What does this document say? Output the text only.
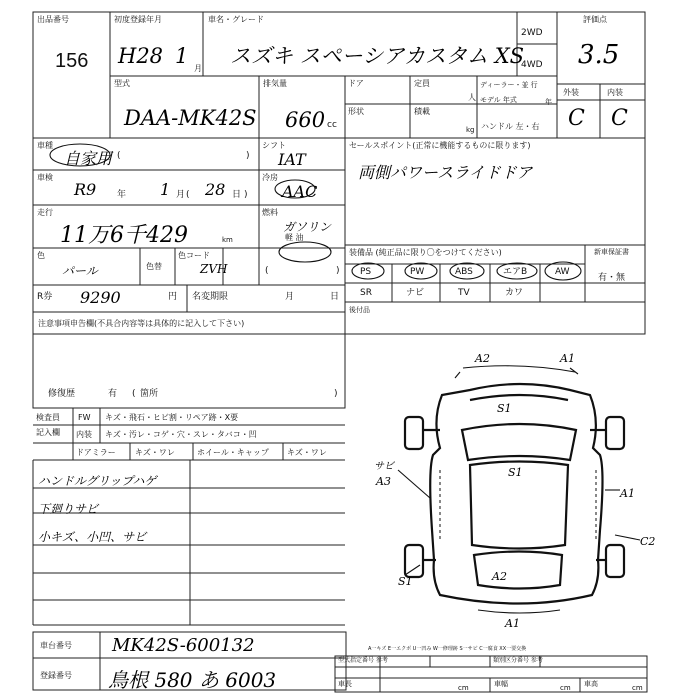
出品番号
156
初度登録年月
H28 1
月
車名・グレード
スズキ スペーシアカスタム XS
2WD
4WD
評価点
3.5
外装	内装
C C
型式
DAA-MK42S
排気量
660 cc
ドア	定員
人
ディーラー・並 行
モデル 年式	年
形状	積載
kg ハンドル 左・右
車種
自家用 (	)
シフト
IAT
車検
R9 年 1 月 ( 28 日 )
冷房
AAC
走行
11万6千429	km
燃料
ガソリン
軽 油
色
パール	色替
色コード
ZVH	(	)
R券 9290	円 名変期限	月	日
セールスポイント(正常に機能するものに限ります)
両側パワースライドドア
装備品 (純正品に限り〇をつけてください)	新車保証書
有・無
PS	PW	ABS	エアB	AW
SR	ナビ	TV	カワ
後付品
注意事項申告欄(不具合内容等は具体的に記入して下さい)
修復歴	有 ( 箇所	)
検査員
記入欄
FW キズ・飛石・ヒビ割・リペア跡・X要
内装 キズ・汚レ・コゲ・穴・スレ・タバコ・凹
ドアミラー キズ・ワレ	ホイール・キャップ キズ・ワレ
ハンドルグリップハゲ
下廻りサビ
小キズ、小凹、サビ
A2	A1
S1
S1
A1
C2
S1	A2
A1
サビ
A3
A一キズ E一エクボ U一凹み W一修理跡 S一サビ C一腐食 XX一要交換
車台番号 MK42S-600132
登録番号 鳥根 580 あ 6003
型式指定番号 参考	類別区分番号 参考
車長	cm	車幅	cm 車高	cm
